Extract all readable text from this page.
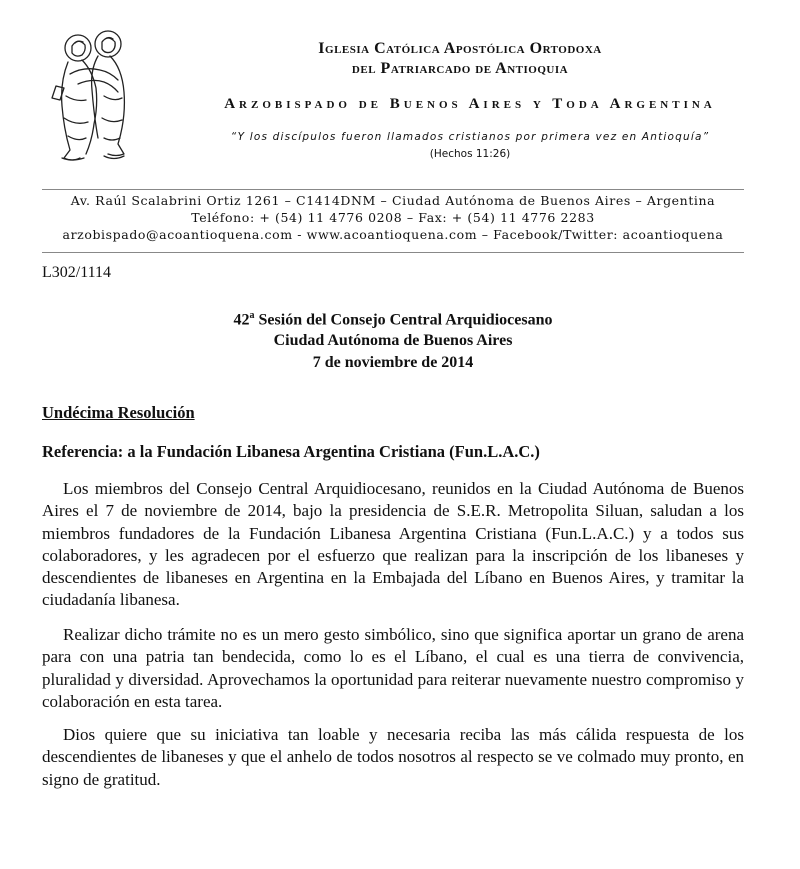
Iglesia Católica Apostólica Ortodoxa
del Patriarcado de Antioquia
Arzobispado de Buenos Aires y Toda Argentina
“Y los discípulos fueron llamados cristianos por primera vez en Antioquía”
(Hechos 11:26)
Av. Raúl Scalabrini Ortiz 1261 – C1414DNM – Ciudad Autónoma de Buenos Aires – Argentina
Teléfono: + (54) 11 4776 0208 – Fax: + (54) 11 4776 2283
arzobispado@acoantioquena.com - www.acoantioquena.com – Facebook/Twitter: acoantioquena
L302/1114
42$^a$ Sesión del Consejo Central Arquidiocesano
Ciudad Autónoma de Buenos Aires
7 de noviembre de 2014
Undécima Resolución
Referencia: a la Fundación Libanesa Argentina Cristiana (Fun.L.A.C.)

Los miembros del Consejo Central Arquidiocesano, reunidos en la Ciudad Autónoma de Buenos Aires el 7 de noviembre de 2014, bajo la presidencia de S.E.R. Metropolita Siluan, saludan a los miembros fundadores de la Fundación Libanesa Argentina Cristiana (Fun.L.A.C.) y a todos sus colaboradores, y les agradecen por el esfuerzo que realizan para la inscripción de los libaneses y descendientes de libaneses en Argentina en la Embajada del Líbano en Buenos Aires, y tramitar la ciudadanía libanesa.

Realizar dicho trámite no es un mero gesto simbólico, sino que significa aportar un grano de arena para con una patria tan bendecida, como lo es el Líbano, el cual es una tierra de convivencia, pluralidad y diversidad. Aprovechamos la oportunidad para reiterar nuevamente nuestro compromiso y colaboración en esta tarea.

Dios quiere que su iniciativa tan loable y necesaria reciba las más cálida respuesta de los descendientes de libaneses y que el anhelo de todos nosotros al respecto se ve colmado muy pronto, en signo de gratitud.
